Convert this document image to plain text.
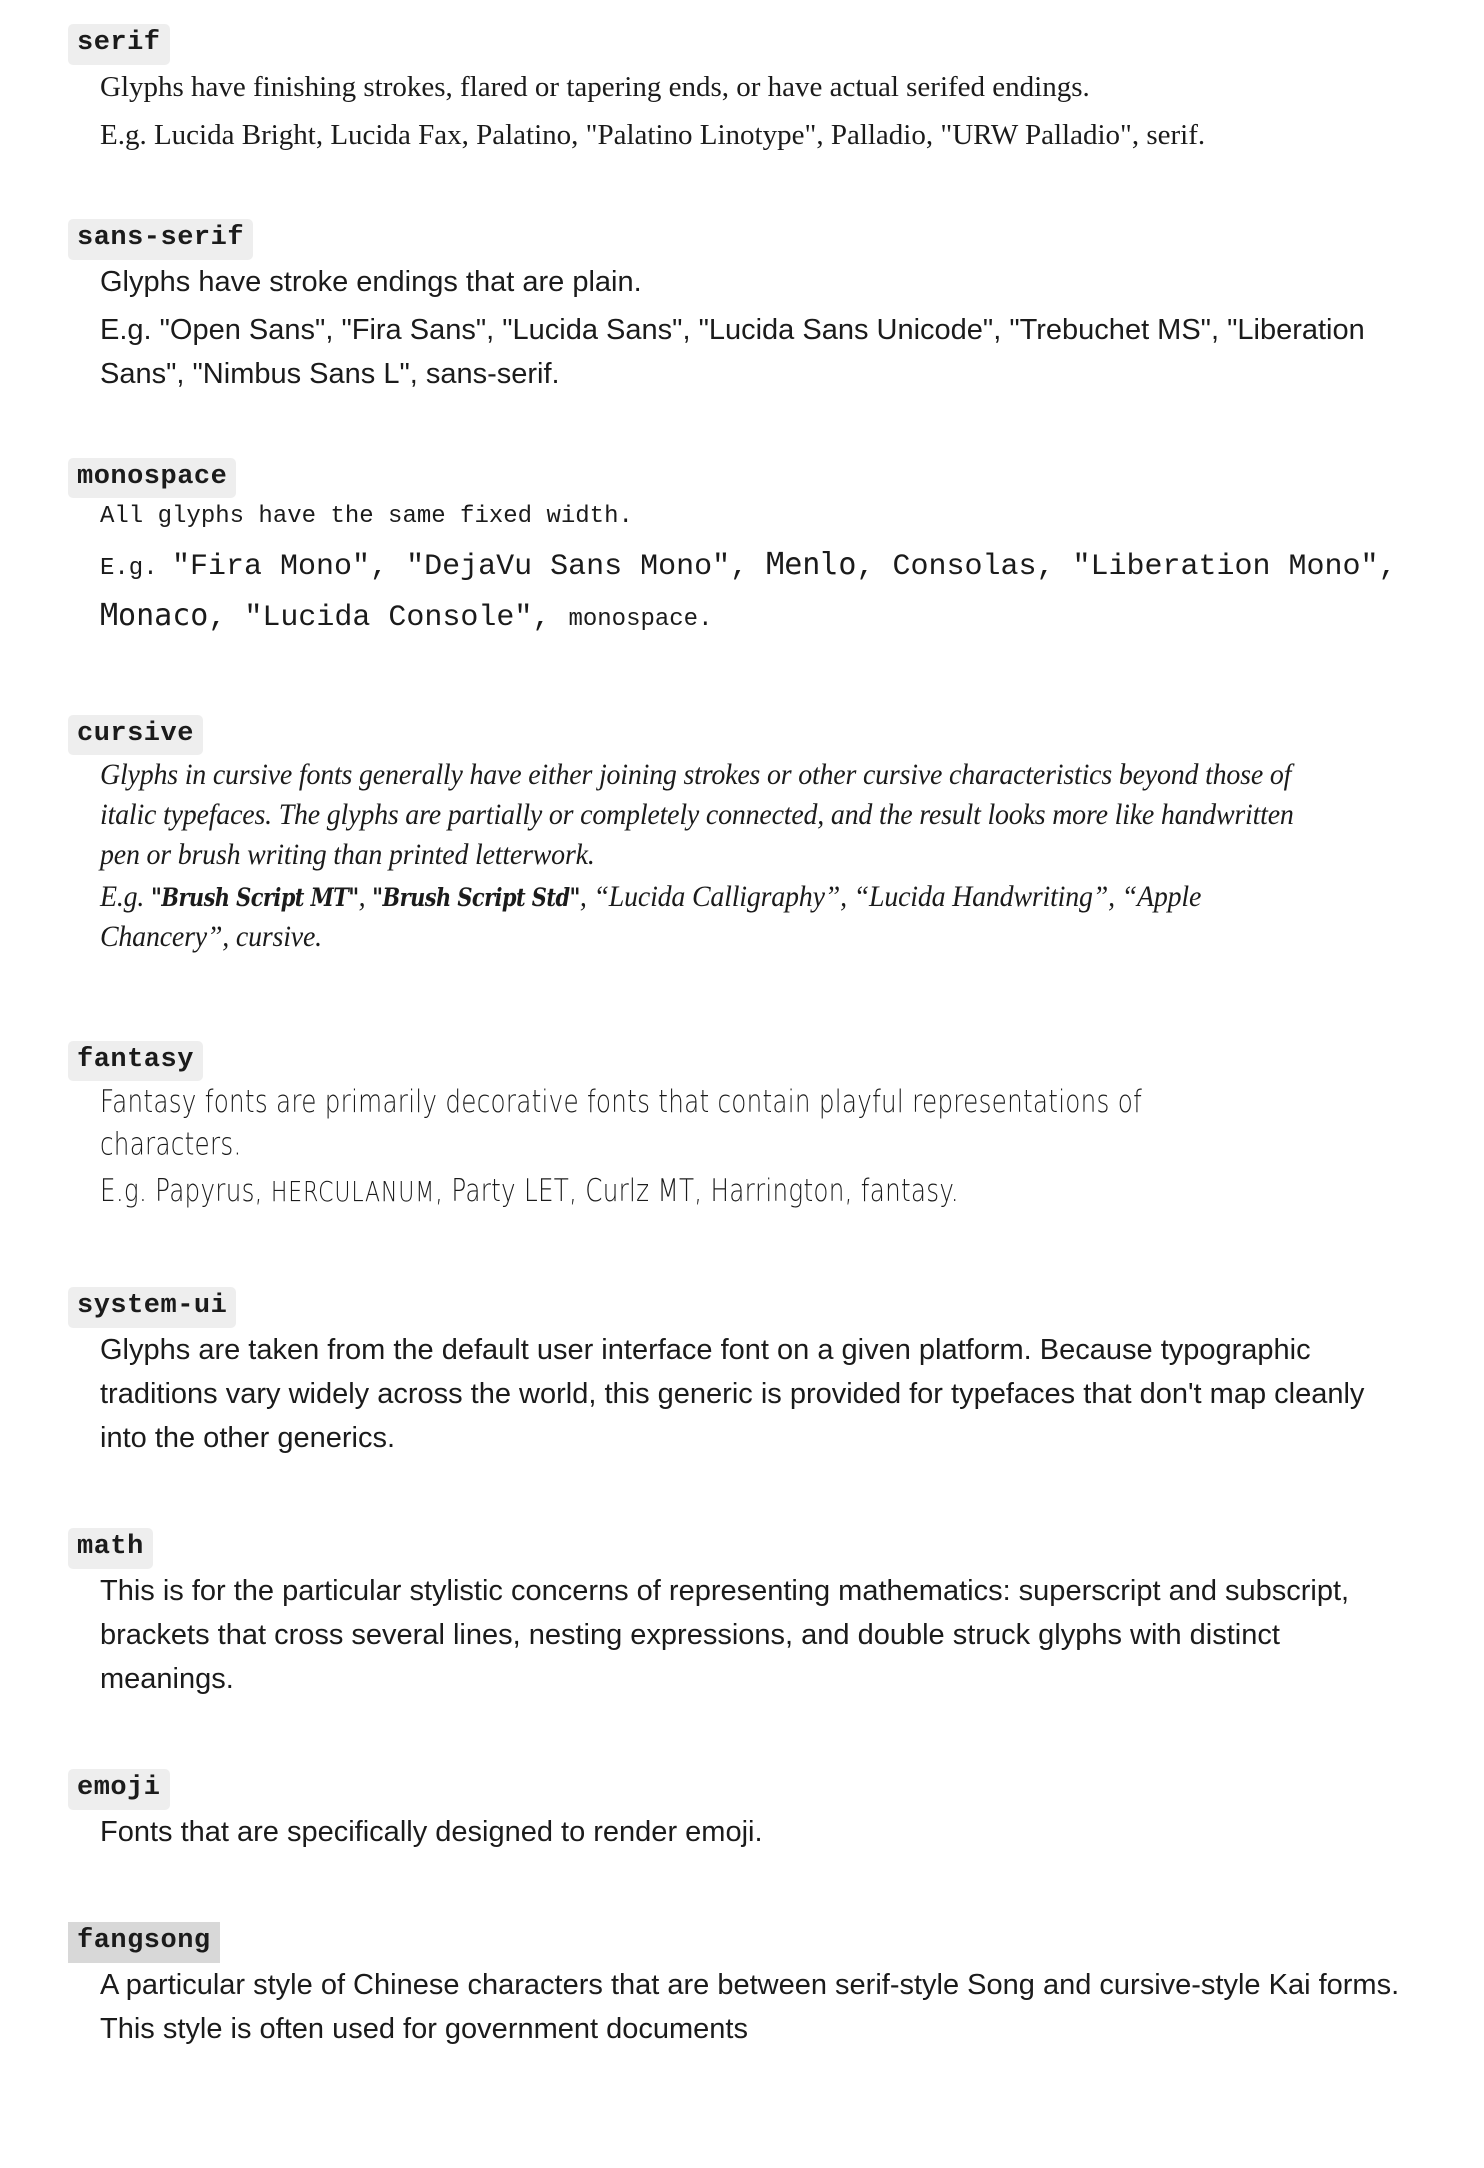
serif

Glyphs have finishing strokes, flared or tapering ends, or have actual serifed endings.

E.g. Lucida Bright, Lucida Fax, Palatino, "Palatino Linotype", Palladio, "URW Palladio", serif.

sans-serif

Glyphs have stroke endings that are plain.

E.g. "Open Sans", "Fira Sans", "Lucida Sans", "Lucida Sans Unicode", "Trebuchet MS", "Liberation Sans", "Nimbus Sans L", sans-serif.

monospace

All glyphs have the same fixed width.

E.g. "Fira Mono", "DejaVu Sans Mono", Menlo, Consolas, "Liberation Mono", Monaco, "Lucida Console", monospace.

cursive

Glyphs in cursive fonts generally have either joining strokes or other cursive characteristics beyond those of italic typefaces. The glyphs are partially or completely connected, and the result looks more like handwritten pen or brush writing than printed letterwork.

E.g. "Brush Script MT", "Brush Script Std", “Lucida Calligraphy”, “Lucida Handwriting”, “Apple Chancery”, cursive.

fantasy

Fantasy fonts are primarily decorative fonts that contain playful representations of characters.

E.g. Papyrus, HERCULANUM, Party LET, Curlz MT, Harrington, fantasy.

system-ui

Glyphs are taken from the default user interface font on a given platform. Because typographic traditions vary widely across the world, this generic is provided for typefaces that don't map cleanly into the other generics.

math

This is for the particular stylistic concerns of representing mathematics: superscript and subscript, brackets that cross several lines, nesting expressions, and double struck glyphs with distinct meanings.

emoji

Fonts that are specifically designed to render emoji.

fangsong

A particular style of Chinese characters that are between serif-style Song and cursive-style Kai forms. This style is often used for government documents
